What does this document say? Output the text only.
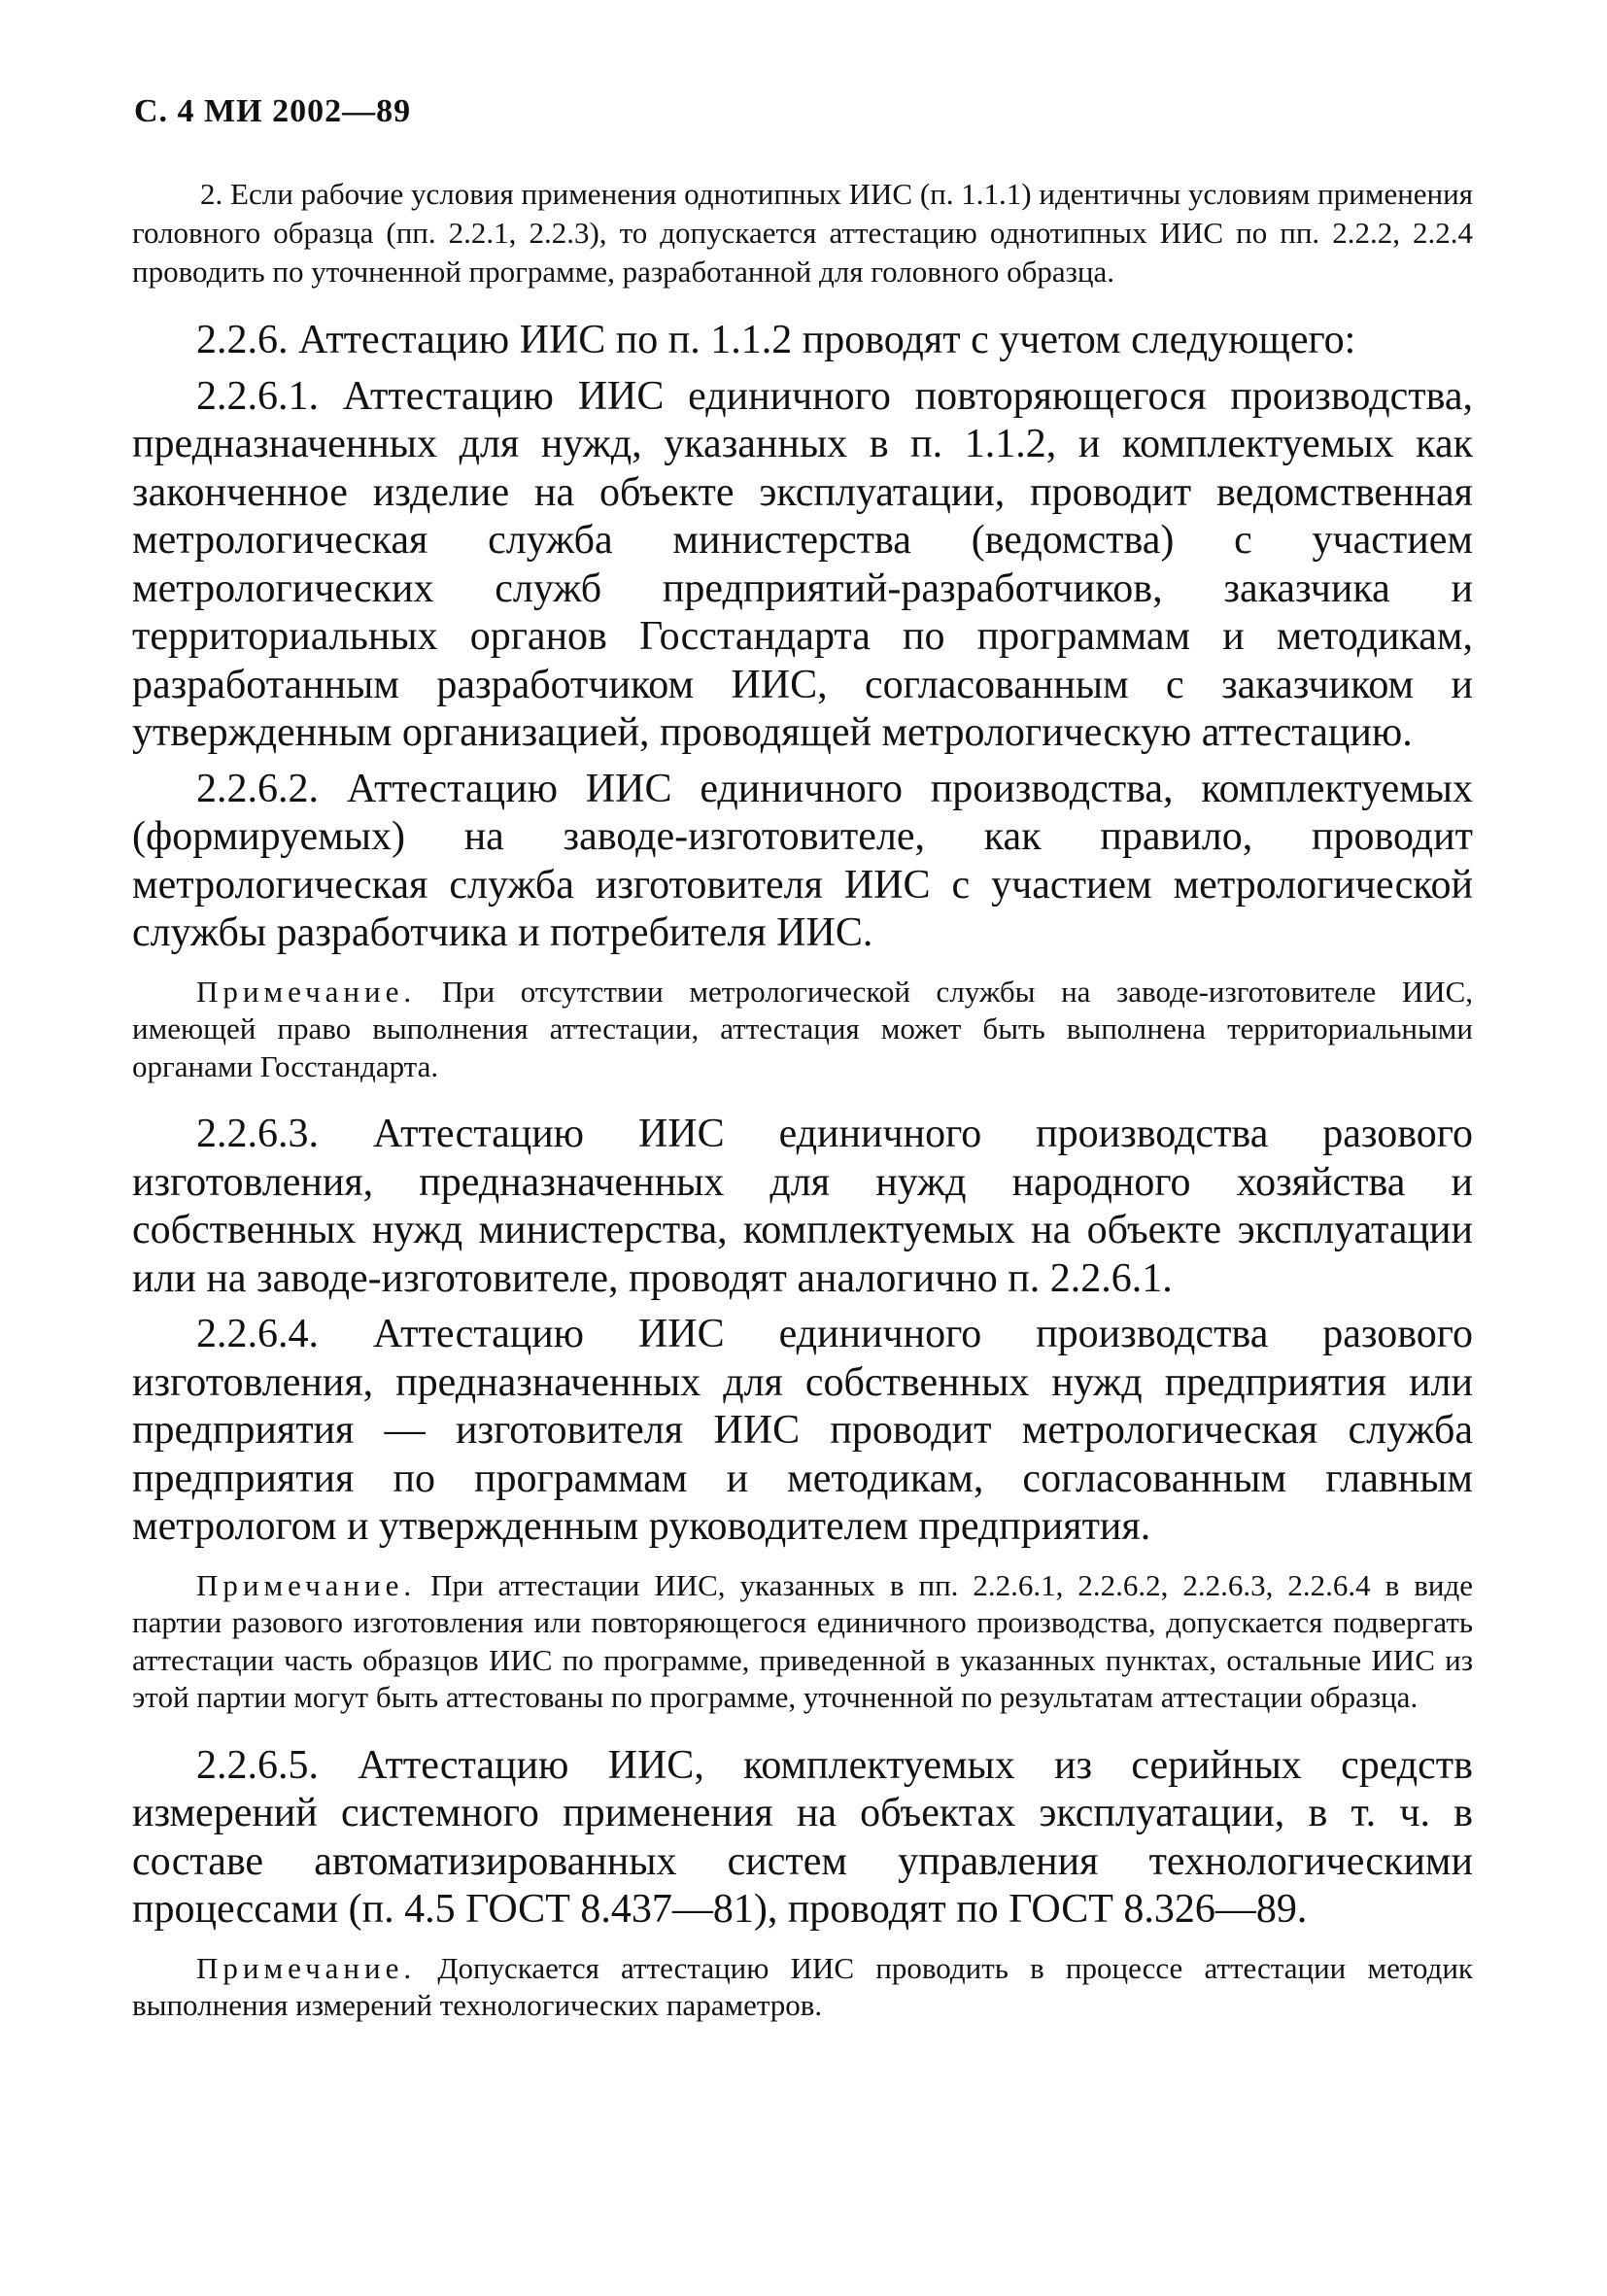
С. 4 МИ 2002—89

2. Если рабочие условия применения однотипных ИИС (п. 1.1.1) идентичны условиям применения головного образца (пп. 2.2.1, 2.2.3), то допускается аттестацию однотипных ИИС по пп. 2.2.2, 2.2.4 проводить по уточненной программе, разработанной для головного образца.

2.2.6. Аттестацию ИИС по п. 1.1.2 проводят с учетом следующего:

2.2.6.1. Аттестацию ИИС единичного повторяющегося производства, предназначенных для нужд, указанных в п. 1.1.2, и комплектуемых как законченное изделие на объекте эксплуатации, проводит ведомственная метрологическая служба министерства (ведомства) с участием метрологических служб предприятий-разработчиков, заказчика и территориальных органов Госстандарта по программам и методикам, разработанным разработчиком ИИС, согласованным с заказчиком и утвержденным организацией, проводящей метрологическую аттестацию.

2.2.6.2. Аттестацию ИИС единичного производства, комплектуемых (формируемых) на заводе-изготовителе, как правило, проводит метрологическая служба изготовителя ИИС с участием метрологической службы разработчика и потребителя ИИС.

Примечание. При отсутствии метрологической службы на заводе-изготовителе ИИС, имеющей право выполнения аттестации, аттестация может быть выполнена территориальными органами Госстандарта.

2.2.6.3. Аттестацию ИИС единичного производства разового изготовления, предназначенных для нужд народного хозяйства и собственных нужд министерства, комплектуемых на объекте эксплуатации или на заводе-изготовителе, проводят аналогично п. 2.2.6.1.

2.2.6.4. Аттестацию ИИС единичного производства разового изготовления, предназначенных для собственных нужд предприятия или предприятия — изготовителя ИИС проводит метрологическая служба предприятия по программам и методикам, согласованным главным метрологом и утвержденным руководителем предприятия.

Примечание. При аттестации ИИС, указанных в пп. 2.2.6.1, 2.2.6.2, 2.2.6.3, 2.2.6.4 в виде партии разового изготовления или повторяющегося единичного производства, допускается подвергать аттестации часть образцов ИИС по программе, приведенной в указанных пунктах, остальные ИИС из этой партии могут быть аттестованы по программе, уточненной по результатам аттестации образца.

2.2.6.5. Аттестацию ИИС, комплектуемых из серийных средств измерений системного применения на объектах эксплуатации, в т. ч. в составе автоматизированных систем управления технологическими процессами (п. 4.5 ГОСТ 8.437—81), проводят по ГОСТ 8.326—89.

Примечание. Допускается аттестацию ИИС проводить в процессе аттестации методик выполнения измерений технологических параметров.
